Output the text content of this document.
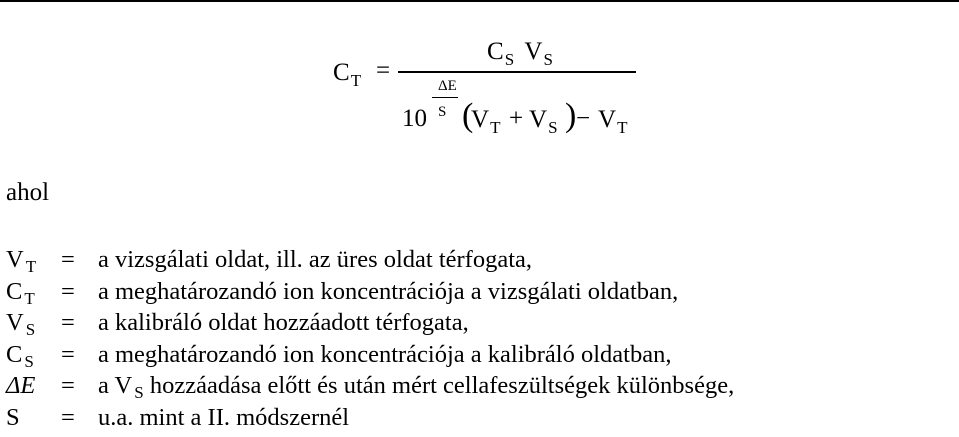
$C_T$ =
$C_S$ $V_S$
10
ΔE
S (
$V_T + V_S$ ) − $V_T$
ahol
V $_T$ = a vizsgálati oldat, ill. az üres oldat térfogata,
C $_T$ = a meghatározandó ion koncentrációja a vizsgálati oldatban,
V $_S$ = a kalibráló oldat hozzáadott térfogata,
C $_S$ = a meghatározandó ion koncentrációja a kalibráló oldatban,
ΔE = a V $_S$ hozzáadása előtt és után mért cellafeszültségek különbsége,
S = u.a. mint a II. módszernél
